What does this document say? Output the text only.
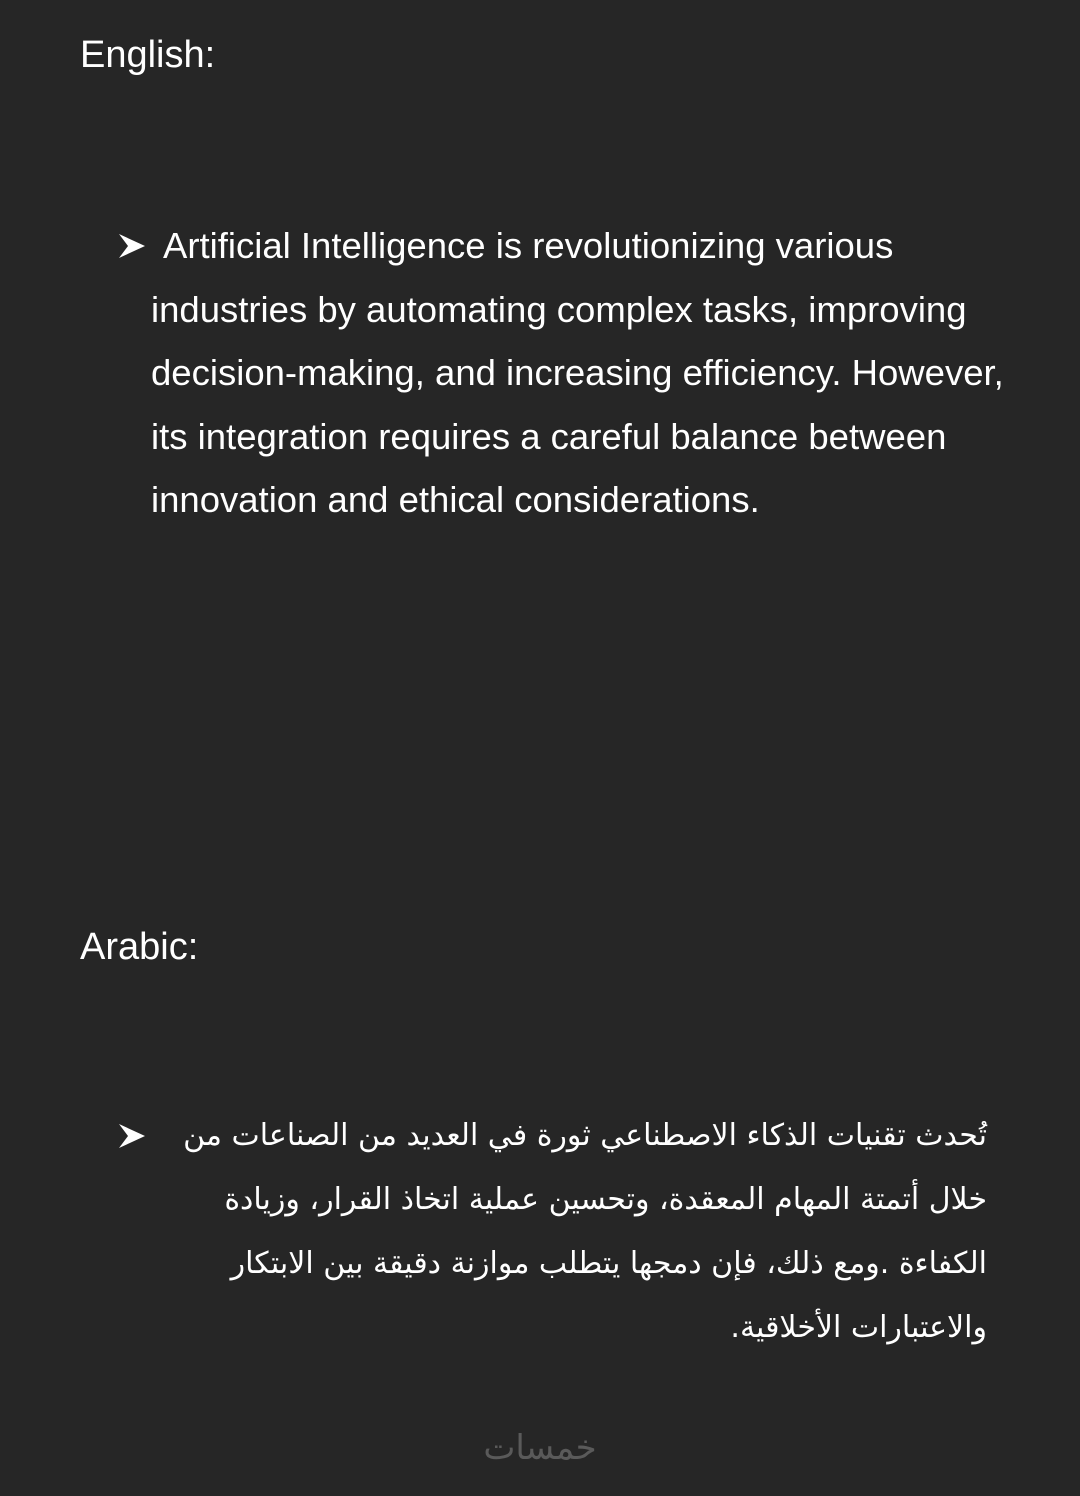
English:

Artificial Intelligence is revolutionizing various industries by automating complex tasks, improving decision-making, and increasing efficiency. However, its integration requires a careful balance between innovation and ethical considerations.

Arabic:

تُحدث تقنيات الذكاء الاصطناعي ثورة في العديد من الصناعات من خلال أتمتة المهام المعقدة، وتحسين عملية اتخاذ القرار، وزيادة الكفاءة .ومع ذلك، فإن دمجها يتطلب موازنة دقيقة بين الابتكار والاعتبارات الأخلاقية.

خمسات
